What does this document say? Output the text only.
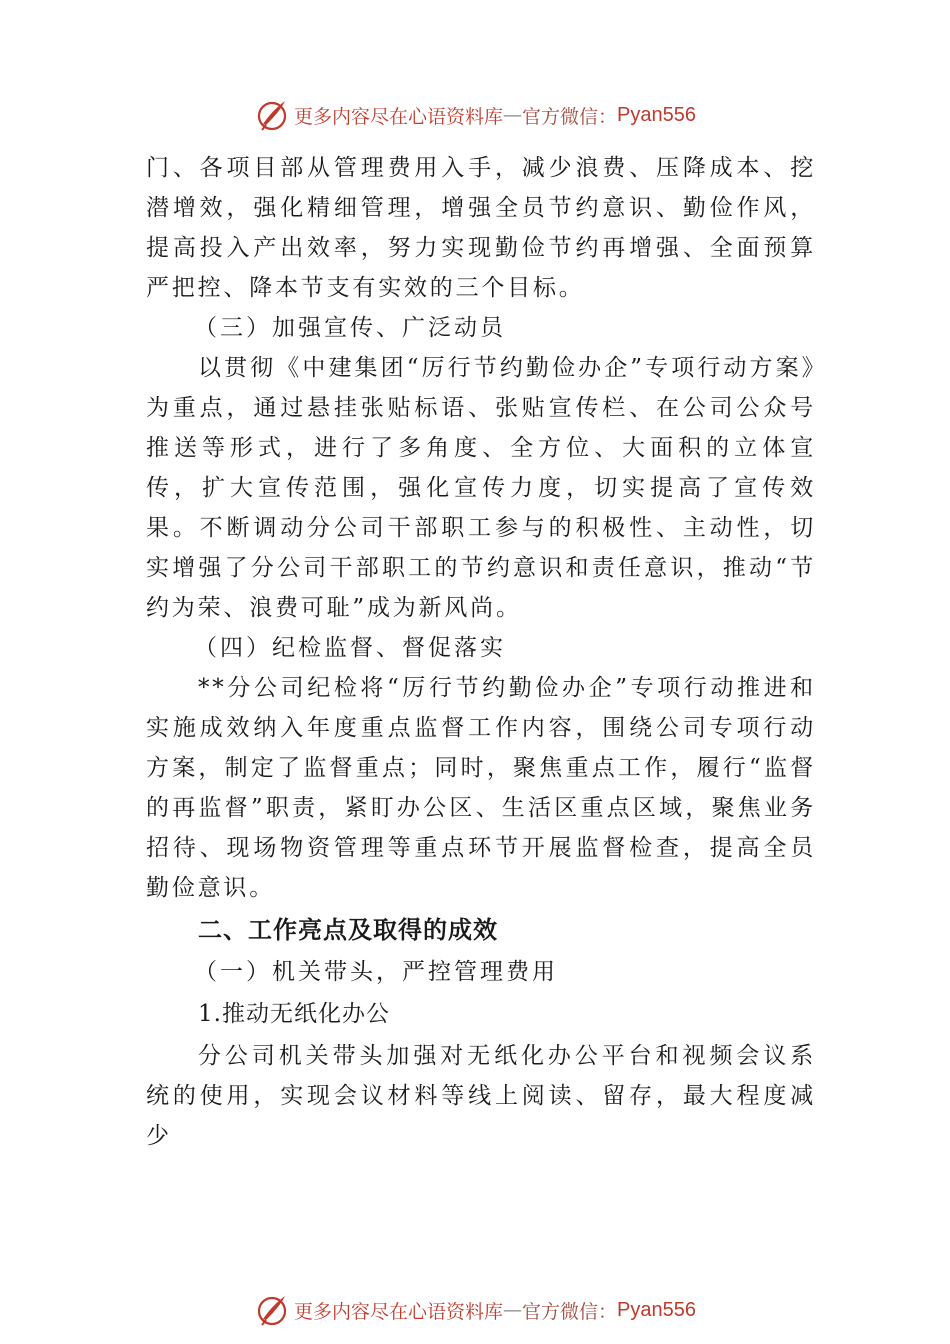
更多内容尽在心语资料库 — 官方微信： Pyan556

门、各项目部从管理费用入手，减少浪费、压降成本、挖潜增效，强化精细管理，增强全员节约意识、勤俭作风，提高投入产出效率，努力实现勤俭节约再增强、全面预算严把控、降本节支有实效的三个目标。

（三）加强宣传、广泛动员

以贯彻《中建集团“厉行节约勤俭办企”专项行动方案》为重点，通过悬挂张贴标语、张贴宣传栏、在公司公众号推送等形式，进行了多角度、全方位、大面积的立体宣传，扩大宣传范围，强化宣传力度，切实提高了宣传效果。不断调动分公司干部职工参与的积极性、主动性，切实增强了分公司干部职工的节约意识和责任意识，推动“节约为荣、浪费可耻”成为新风尚。

（四）纪检监督、督促落实

**分公司纪检将“厉行节约勤俭办企”专项行动推进和实施成效纳入年度重点监督工作内容，围绕公司专项行动方案，制定了监督重点；同时，聚焦重点工作，履行“监督的再监督”职责，紧盯办公区、生活区重点区域，聚焦业务招待、现场物资管理等重点环节开展监督检查，提高全员勤俭意识。

二、工作亮点及取得的成效

（一）机关带头，严控管理费用

1.推动无纸化办公

分公司机关带头加强对无纸化办公平台和视频会议系统的使用，实现会议材料等线上阅读、留存，最大程度减少

更多内容尽在心语资料库 — 官方微信： Pyan556
